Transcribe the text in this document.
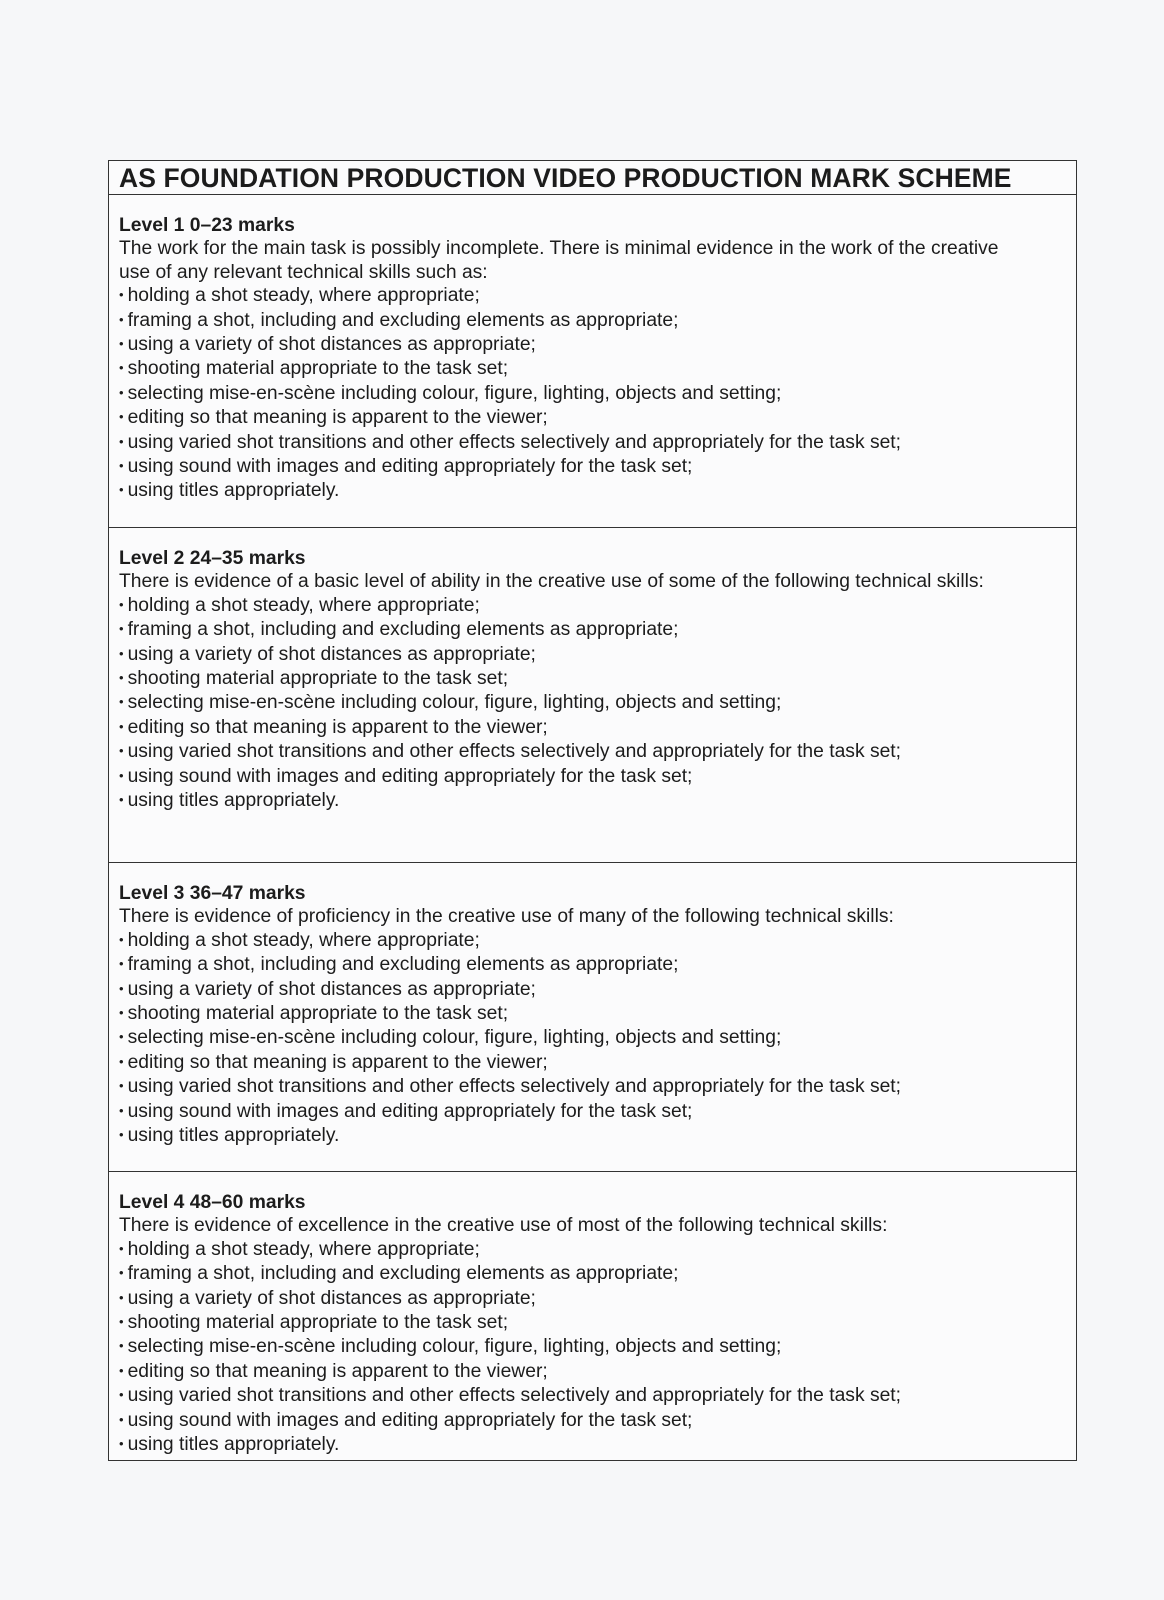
AS FOUNDATION PRODUCTION VIDEO PRODUCTION MARK SCHEME
Level 1 0–23 marks
The work for the main task is possibly incomplete. There is minimal evidence in the work of the creative use of any relevant technical skills such as:
• holding a shot steady, where appropriate;
• framing a shot, including and excluding elements as appropriate;
• using a variety of shot distances as appropriate;
• shooting material appropriate to the task set;
• selecting mise-en-scène including colour, figure, lighting, objects and setting;
• editing so that meaning is apparent to the viewer;
• using varied shot transitions and other effects selectively and appropriately for the task set;
• using sound with images and editing appropriately for the task set;
• using titles appropriately.
Level 2 24–35 marks
There is evidence of a basic level of ability in the creative use of some of the following technical skills:
• holding a shot steady, where appropriate;
• framing a shot, including and excluding elements as appropriate;
• using a variety of shot distances as appropriate;
• shooting material appropriate to the task set;
• selecting mise-en-scène including colour, figure, lighting, objects and setting;
• editing so that meaning is apparent to the viewer;
• using varied shot transitions and other effects selectively and appropriately for the task set;
• using sound with images and editing appropriately for the task set;
• using titles appropriately.
Level 3 36–47 marks
There is evidence of proficiency in the creative use of many of the following technical skills:
• holding a shot steady, where appropriate;
• framing a shot, including and excluding elements as appropriate;
• using a variety of shot distances as appropriate;
• shooting material appropriate to the task set;
• selecting mise-en-scène including colour, figure, lighting, objects and setting;
• editing so that meaning is apparent to the viewer;
• using varied shot transitions and other effects selectively and appropriately for the task set;
• using sound with images and editing appropriately for the task set;
• using titles appropriately.
Level 4 48–60 marks
There is evidence of excellence in the creative use of most of the following technical skills:
• holding a shot steady, where appropriate;
• framing a shot, including and excluding elements as appropriate;
• using a variety of shot distances as appropriate;
• shooting material appropriate to the task set;
• selecting mise-en-scène including colour, figure, lighting, objects and setting;
• editing so that meaning is apparent to the viewer;
• using varied shot transitions and other effects selectively and appropriately for the task set;
• using sound with images and editing appropriately for the task set;
• using titles appropriately.
